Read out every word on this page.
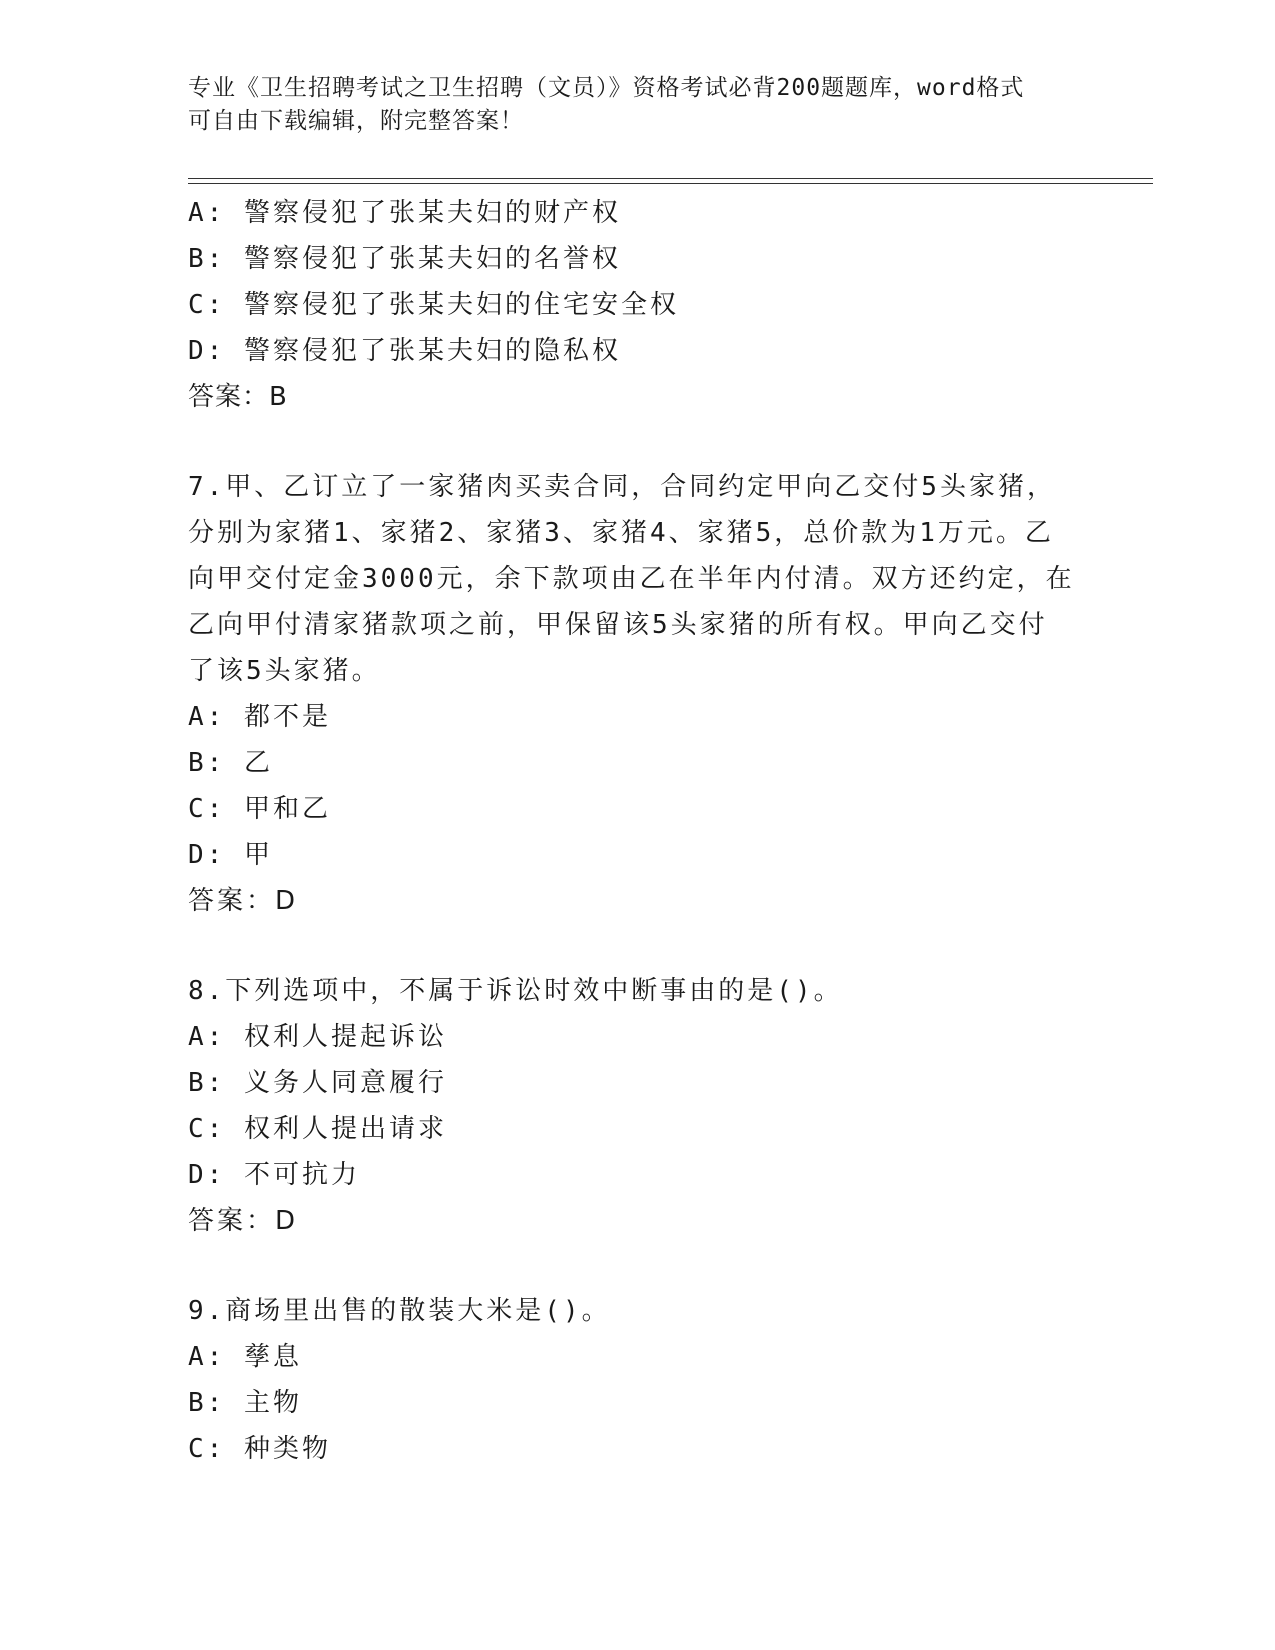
专业《卫生招聘考试之卫生招聘（文员）》资格考试必背200题题库，word格式
可自由下载编辑，附完整答案！
A: 警察侵犯了张某夫妇的财产权
B: 警察侵犯了张某夫妇的名誉权
C: 警察侵犯了张某夫妇的住宅安全权
D: 警察侵犯了张某夫妇的隐私权
答案：B
7.甲、乙订立了一家猪肉买卖合同，合同约定甲向乙交付5头家猪，
分别为家猪1、家猪2、家猪3、家猪4、家猪5，总价款为1万元。乙
向甲交付定金3000元，余下款项由乙在半年内付清。双方还约定，在
乙向甲付清家猪款项之前，甲保留该5头家猪的所有权。甲向乙交付
了该5头家猪。
A: 都不是
B: 乙
C: 甲和乙
D: 甲
答案：D
8.下列选项中，不属于诉讼时效中断事由的是()。
A: 权利人提起诉讼
B: 义务人同意履行
C: 权利人提出请求
D: 不可抗力
答案：D
9.商场里出售的散装大米是()。
A: 孳息
B: 主物
C: 种类物
